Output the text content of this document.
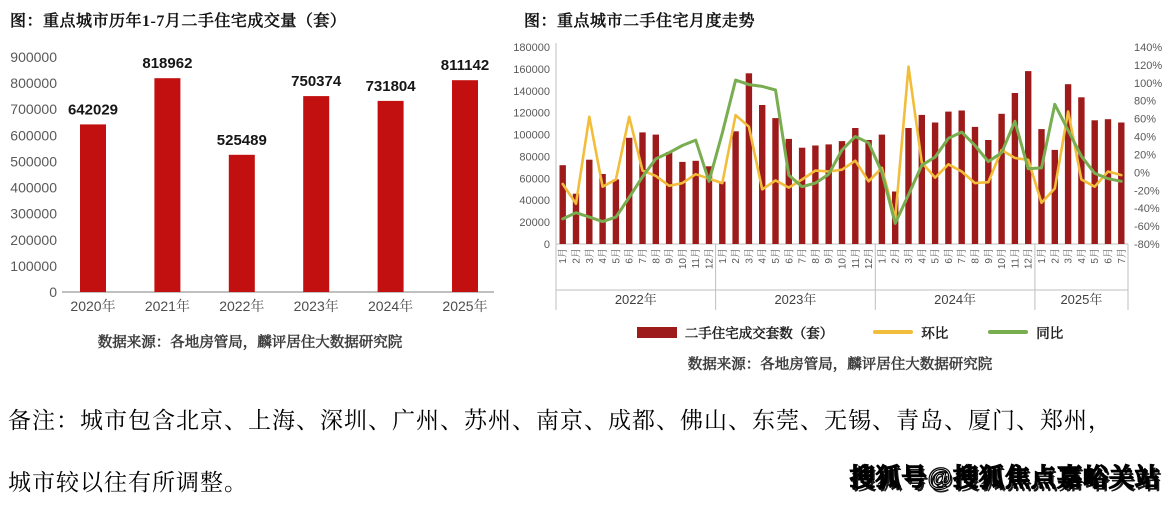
图：重点城市历年1-7月二手住宅成交量（套）	图：重点城市二手住宅月度走势
0
100000
200000
300000
400000
500000
600000
700000
800000
900000
642029
2020年
818962
2021年
525489
2022年
750374
2023年
731804
2024年
811142
2025年
0
20000
40000
60000
80000
100000
120000
140000
160000
180000	140%
120%
100%
80%
60%
40%
20%
0%
-20%
-40%
-60%
-80%
2022年	2023年	2024年	2025年
1月 2月 3月 4月 5月 6月 7月 8月 9月 10月 11月 12月 1月 2月 3月 4月 5月 6月 7月 8月 9月 10月 11月 12月 1月 2月 3月 4月 5月 6月 7月 8月 9月 10月 11月 12月 1月 2月 3月 4月 5月 6月 7月
数据来源：各地房管局，麟评居住大数据研究院
二手住宅成交套数（套）	环比	同比
数据来源：各地房管局，麟评居住大数据研究院
备注：城市包含北京、上海、深圳、广州、苏州、南京、成都、佛山、东莞、无锡、青岛、厦门、郑州，
城市较以往有所调整。	搜狐号@搜狐焦点嘉峪关站
